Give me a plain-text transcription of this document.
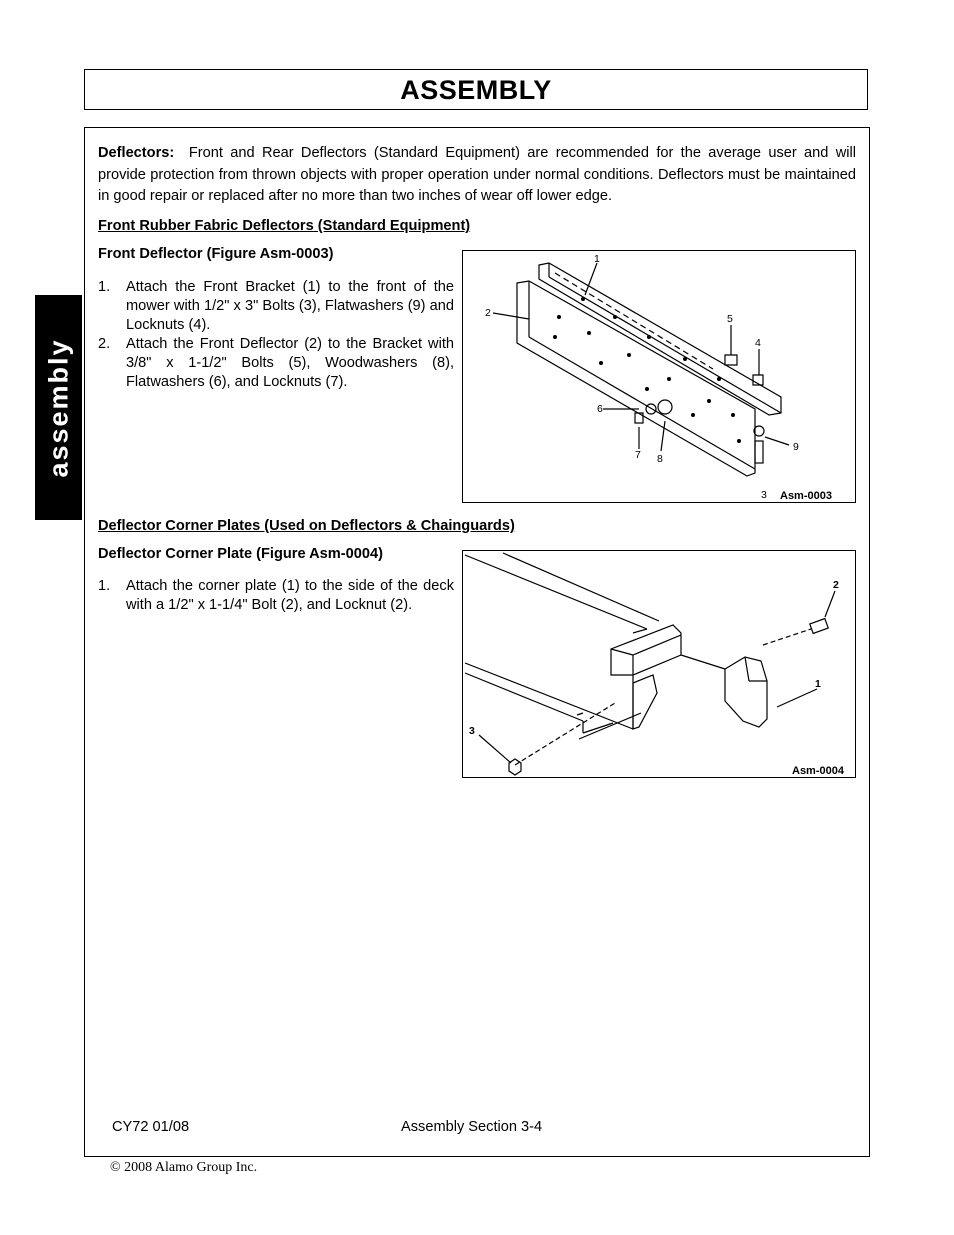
ASSEMBLY
assembly
Deflectors: Front and Rear Deflectors (Standard Equipment) are recommended for the average user and will provide protection from thrown objects with proper operation under normal conditions. Deflectors must be maintained in good repair or replaced after no more than two inches of wear off lower edge.
Front Rubber Fabric Deflectors (Standard Equipment)
Front Deflector (Figure Asm-0003)
1. Attach the Front Bracket (1) to the front of the mower with 1/2" x 3" Bolts (3), Flatwashers (9) and Locknuts (4).
2. Attach the Front Deflector (2) to the Bracket with 3/8" x 1-1/2" Bolts (5), Woodwashers (8), Flatwashers (6), and Locknuts (7).
1
2
3
4
5
6
7 8
9
Asm-0003
Deflector Corner Plates (Used on Deflectors & Chainguards)
Deflector Corner Plate (Figure Asm-0004)
1. Attach the corner plate (1) to the side of the deck with a 1/2" x 1-1/4" Bolt (2), and Locknut (2).
2
1
3
Asm-0004
CY72 01/08	Assembly Section 3-4
© 2008 Alamo Group Inc.
